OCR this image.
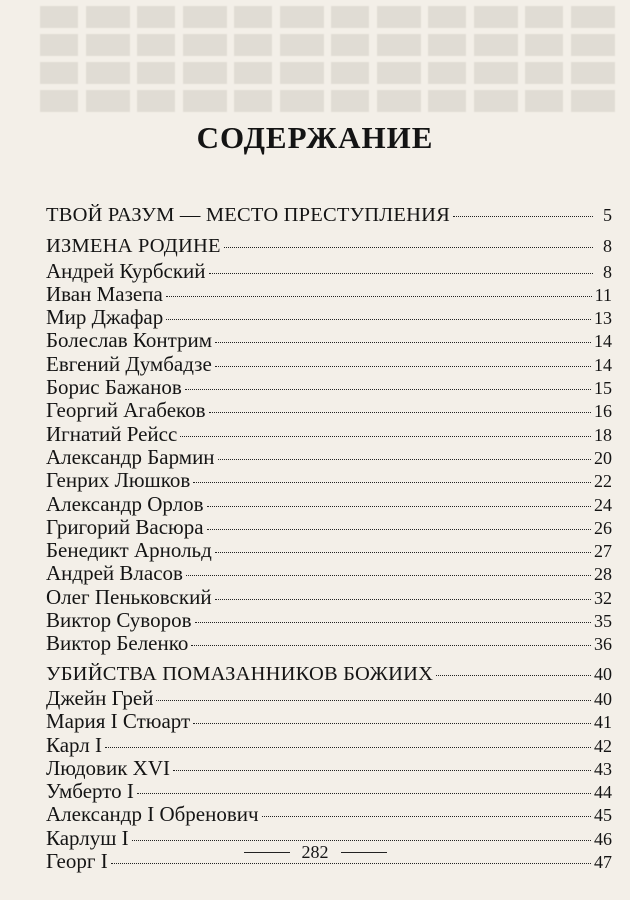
СОДЕРЖАНИЕ
ТВОЙ РАЗУМ — МЕСТО ПРЕСТУПЛЕНИЯ	5
ИЗМЕНА РОДИНЕ	8
Андрей Курбский	8
Иван Мазепа	11
Мир Джафар	13
Болеслав Контрим	14
Евгений Думбадзе	14
Борис Бажанов	15
Георгий Агабеков	16
Игнатий Рейсс	18
Александр Бармин	20
Генрих Люшков	22
Александр Орлов	24
Григорий Васюра	26
Бенедикт Арнольд	27
Андрей Власов	28
Олег Пеньковский	32
Виктор Суворов	35
Виктор Беленко	36
УБИЙСТВА ПОМАЗАННИКОВ БОЖИИХ	40
Джейн Грей	40
Мария I Стюарт	41
Карл I	42
Людовик XVI	43
Умберто I	44
Александр I Обренович	45
Карлуш I	46
Георг I	47
282
